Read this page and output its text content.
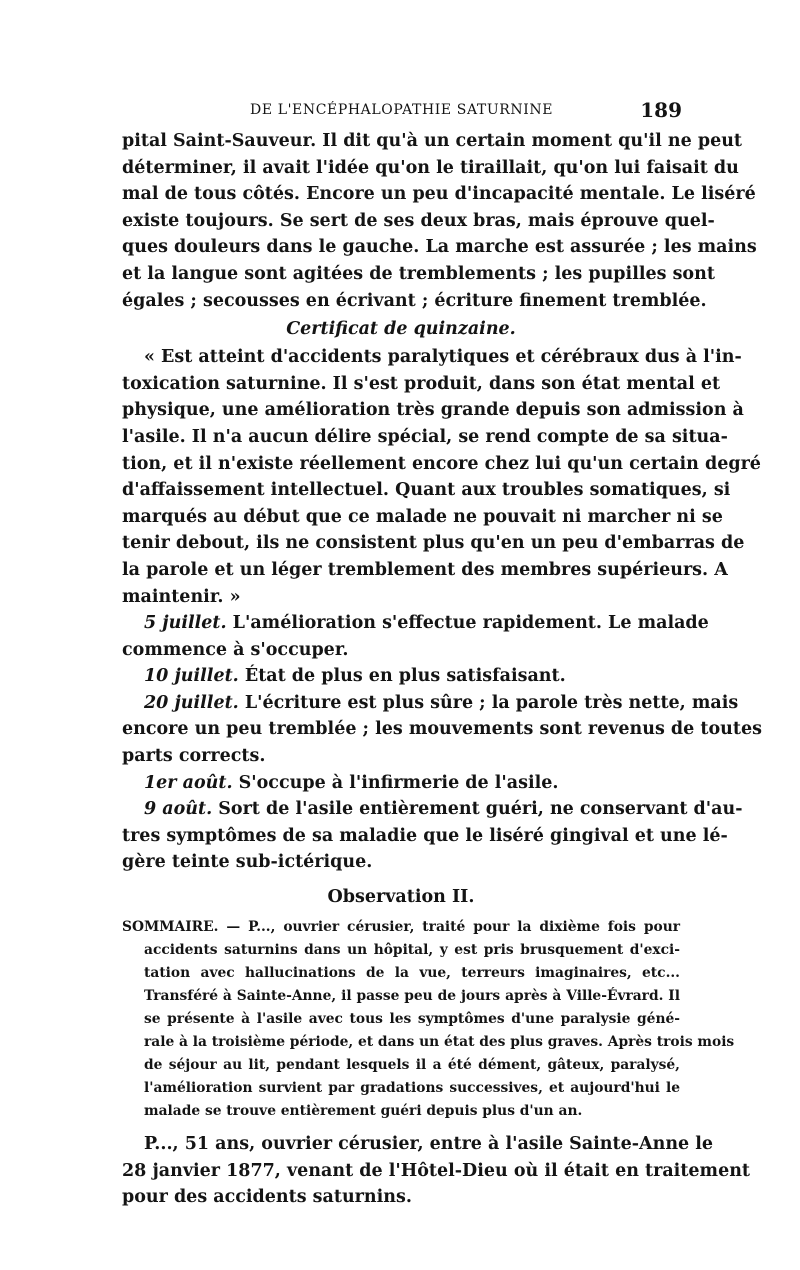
DE L'ENCÉPHALOPATHIE SATURNINE	189
pital Saint-Sauveur. Il dit qu'à un certain moment qu'il ne peut
déterminer, il avait l'idée qu'on le tiraillait, qu'on lui faisait du
mal de tous côtés. Encore un peu d'incapacité mentale. Le liséré
existe toujours. Se sert de ses deux bras, mais éprouve quel-
ques douleurs dans le gauche. La marche est assurée ; les mains
et la langue sont agitées de tremblements ; les pupilles sont
égales ; secousses en écrivant ; écriture finement tremblée.
Certificat de quinzaine.
« Est atteint d'accidents paralytiques et cérébraux dus à l'in-
toxication saturnine. Il s'est produit, dans son état mental et
physique, une amélioration très grande depuis son admission à
l'asile. Il n'a aucun délire spécial, se rend compte de sa situa-
tion, et il n'existe réellement encore chez lui qu'un certain degré
d'affaissement intellectuel. Quant aux troubles somatiques, si
marqués au début que ce malade ne pouvait ni marcher ni se
tenir debout, ils ne consistent plus qu'en un peu d'embarras de
la parole et un léger tremblement des membres supérieurs. A
maintenir. »
5 juillet. L'amélioration s'effectue rapidement. Le malade
commence à s'occuper.
10 juillet. État de plus en plus satisfaisant.
20 juillet. L'écriture est plus sûre ; la parole très nette, mais
encore un peu tremblée ; les mouvements sont revenus de toutes
parts corrects.
1er août. S'occupe à l'infirmerie de l'asile.
9 août. Sort de l'asile entièrement guéri, ne conservant d'au-
tres symptômes de sa maladie que le liséré gingival et une lé-
gère teinte sub-ictérique.
Observation II.
SOMMAIRE. — P..., ouvrier cérusier, traité pour la dixième fois pour
accidents saturnins dans un hôpital, y est pris brusquement d'exci-
tation avec hallucinations de la vue, terreurs imaginaires, etc...
Transféré à Sainte-Anne, il passe peu de jours après à Ville-Évrard. Il
se présente à l'asile avec tous les symptômes d'une paralysie géné-
rale à la troisième période, et dans un état des plus graves. Après trois mois
de séjour au lit, pendant lesquels il a été dément, gâteux, paralysé,
l'amélioration survient par gradations successives, et aujourd'hui le
malade se trouve entièrement guéri depuis plus d'un an.
P..., 51 ans, ouvrier cérusier, entre à l'asile Sainte-Anne le
28 janvier 1877, venant de l'Hôtel-Dieu où il était en traitement
pour des accidents saturnins.
